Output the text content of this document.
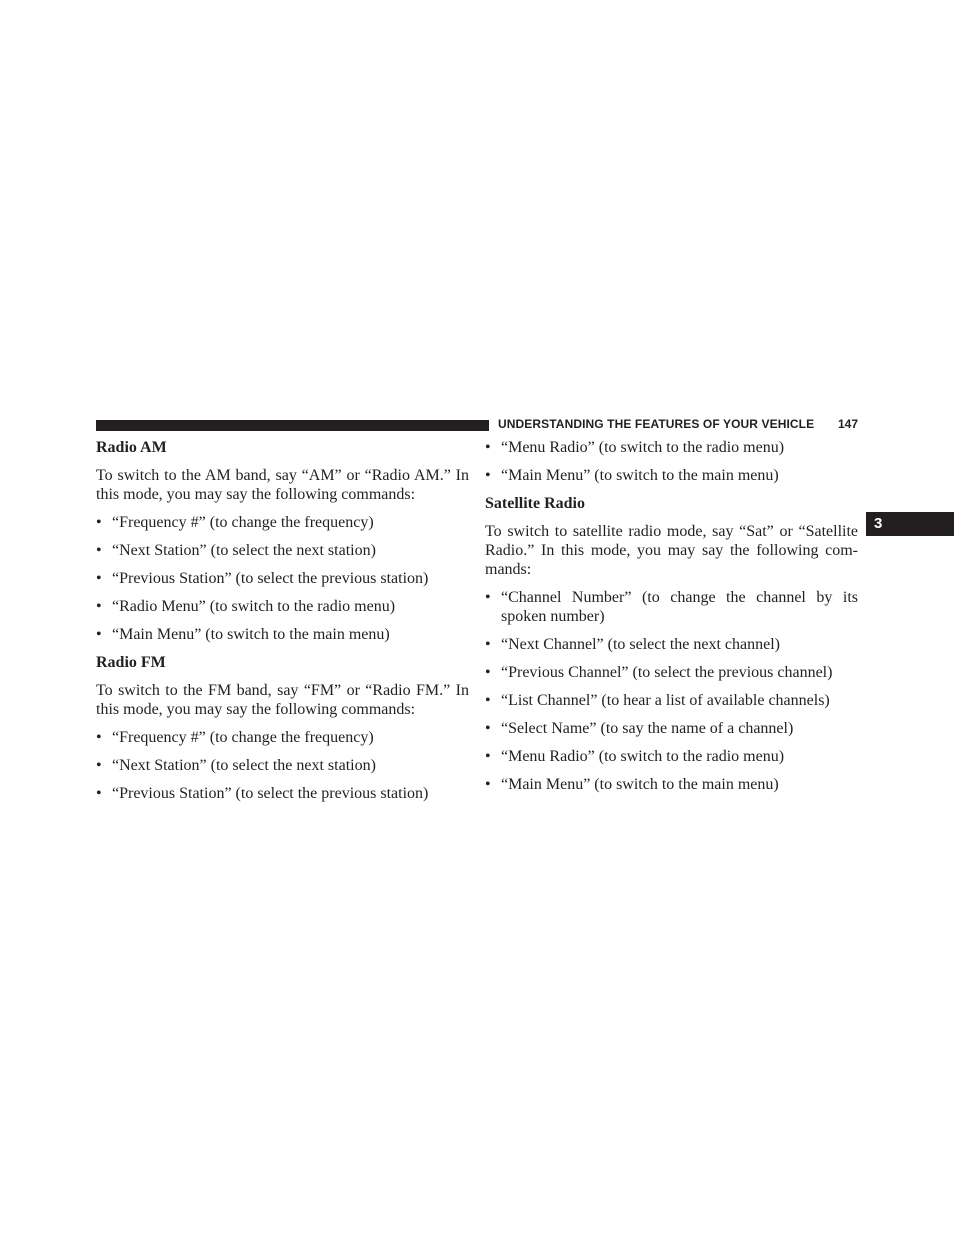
UNDERSTANDING THE FEATURES OF YOUR VEHICLE 147
3
Radio AM

To switch to the AM band, say “AM” or “Radio AM.” In this mode, you may say the following commands:

• “Frequency #” (to change the frequency)
• “Next Station” (to select the next station)
• “Previous Station” (to select the previous station)
• “Radio Menu” (to switch to the radio menu)
• “Main Menu” (to switch to the main menu)
Radio FM

To switch to the FM band, say “FM” or “Radio FM.” In this mode, you may say the following commands:

• “Frequency #” (to change the frequency)
• “Next Station” (to select the next station)
• “Previous Station” (to select the previous station)
• “Menu Radio” (to switch to the radio menu)
• “Main Menu” (to switch to the main menu)
Satellite Radio

To switch to satellite radio mode, say “Sat” or “Satellite Radio.” In this mode, you may say the following com-mands:

• “Channel Number” (to change the channel by its spoken number)
• “Next Channel” (to select the next channel)
• “Previous Channel” (to select the previous channel)
• “List Channel” (to hear a list of available channels)
• “Select Name” (to say the name of a channel)
• “Menu Radio” (to switch to the radio menu)
• “Main Menu” (to switch to the main menu)
